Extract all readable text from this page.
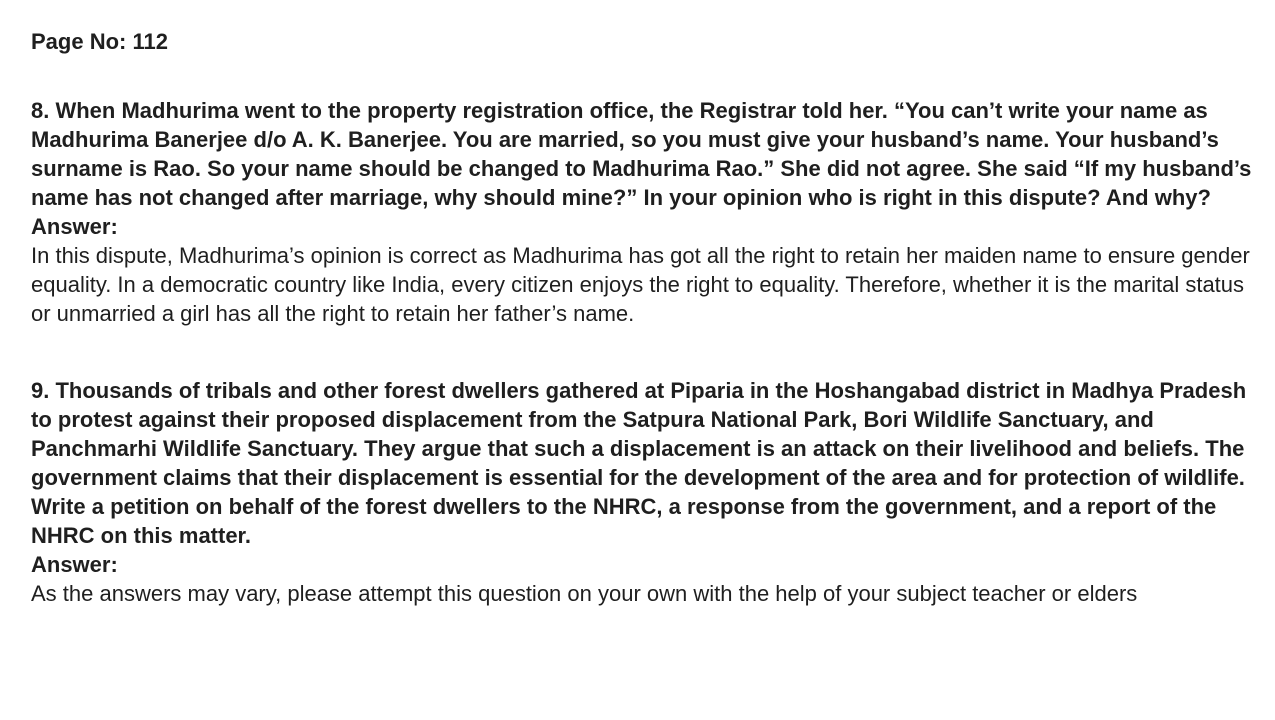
Page No: 112

8. When Madhurima went to the property registration office, the Registrar told her. “You can’t write your name as Madhurima Banerjee d/o A. K. Banerjee. You are married, so you must give your husband’s name. Your husband’s surname is Rao. So your name should be changed to Madhurima Rao.” She did not agree. She said “If my husband’s name has not changed after marriage, why should mine?” In your opinion who is right in this dispute? And why?

Answer:

In this dispute, Madhurima’s opinion is correct as Madhurima has got all the right to retain her maiden name to ensure gender equality. In a democratic country like India, every citizen enjoys the right to equality. Therefore, whether it is the marital status or unmarried a girl has all the right to retain her father’s name.

9. Thousands of tribals and other forest dwellers gathered at Piparia in the Hoshangabad district in Madhya Pradesh to protest against their proposed displacement from the Satpura National Park, Bori Wildlife Sanctuary, and Panchmarhi Wildlife Sanctuary. They argue that such a displacement is an attack on their livelihood and beliefs. The government claims that their displacement is essential for the development of the area and for protection of wildlife. Write a petition on behalf of the forest dwellers to the NHRC, a response from the government, and a report of the NHRC on this matter.

Answer:

As the answers may vary, please attempt this question on your own with the help of your subject teacher or elders
